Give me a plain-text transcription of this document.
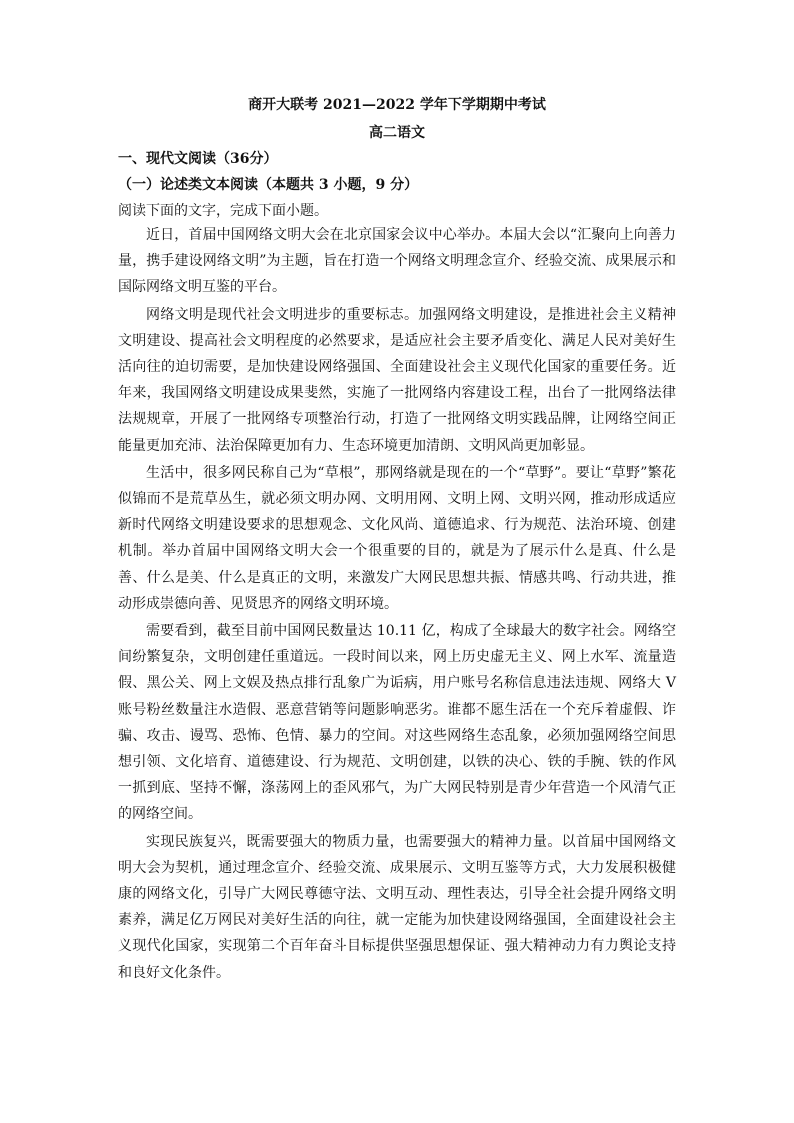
商开大联考 2021—2022 学年下学期期中考试

高二语文

一、现代文阅读（36分）

（一）论述类文本阅读（本题共 3 小题，9 分）

阅读下面的文字，完成下面小题。

近日，首届中国网络文明大会在北京国家会议中心举办。本届大会以“汇聚向上向善力量，携手建设网络文明”为主题，旨在打造一个网络文明理念宣介、经验交流、成果展示和国际网络文明互鉴的平台。

网络文明是现代社会文明进步的重要标志。加强网络文明建设，是推进社会主义精神文明建设、提高社会文明程度的必然要求，是适应社会主要矛盾变化、满足人民对美好生活向往的迫切需要，是加快建设网络强国、全面建设社会主义现代化国家的重要任务。近年来，我国网络文明建设成果斐然，实施了一批网络内容建设工程，出台了一批网络法律法规规章，开展了一批网络专项整治行动，打造了一批网络文明实践品牌，让网络空间正能量更加充沛、法治保障更加有力、生态环境更加清朗、文明风尚更加彰显。

生活中，很多网民称自己为“草根”，那网络就是现在的一个“草野”。要让“草野”繁花似锦而不是荒草丛生，就必须文明办网、文明用网、文明上网、文明兴网，推动形成适应新时代网络文明建设要求的思想观念、文化风尚、道德追求、行为规范、法治环境、创建机制。举办首届中国网络文明大会一个很重要的目的，就是为了展示什么是真、什么是善、什么是美、什么是真正的文明，来激发广大网民思想共振、情感共鸣、行动共进，推动形成崇德向善、见贤思齐的网络文明环境。

需要看到，截至目前中国网民数量达 10.11 亿，构成了全球最大的数字社会。网络空间纷繁复杂，文明创建任重道远。一段时间以来，网上历史虚无主义、网上水军、流量造假、黑公关、网上文娱及热点排行乱象广为诟病，用户账号名称信息违法违规、网络大 V 账号粉丝数量注水造假、恶意营销等问题影响恶劣。谁都不愿生活在一个充斥着虚假、诈骗、攻击、谩骂、恐怖、色情、暴力的空间。对这些网络生态乱象，必须加强网络空间思想引领、文化培育、道德建设、行为规范、文明创建，以铁的决心、铁的手腕、铁的作风一抓到底、坚持不懈，涤荡网上的歪风邪气，为广大网民特别是青少年营造一个风清气正的网络空间。

实现民族复兴，既需要强大的物质力量，也需要强大的精神力量。以首届中国网络文明大会为契机，通过理念宣介、经验交流、成果展示、文明互鉴等方式，大力发展积极健康的网络文化，引导广大网民尊德守法、文明互动、理性表达，引导全社会提升网络文明素养，满足亿万网民对美好生活的向往，就一定能为加快建设网络强国，全面建设社会主义现代化国家，实现第二个百年奋斗目标提供坚强思想保证、强大精神动力有力舆论支持和良好文化条件。
